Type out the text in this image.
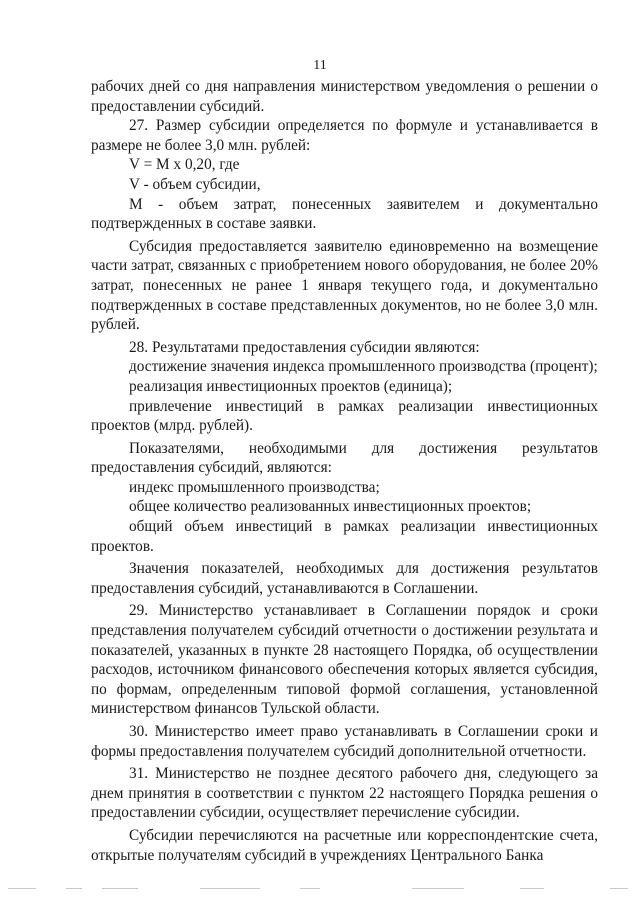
11

рабочих дней со дня направления министерством уведомления о решении о предоставлении субсидий.

27. Размер субсидии определяется по формуле и устанавливается в размере не более 3,0 млн. рублей:

V = M x 0,20, где

V - объем субсидии,

M - объем затрат, понесенных заявителем и документально подтвержденных в составе заявки.

Субсидия предоставляется заявителю единовременно на возмещение части затрат, связанных с приобретением нового оборудования, не более 20% затрат, понесенных не ранее 1 января текущего года, и документально подтвержденных в составе представленных документов, но не более 3,0 млн. рублей.

28. Результатами предоставления субсидии являются:

достижение значения индекса промышленного производства (процент);

реализация инвестиционных проектов (единица);

привлечение инвестиций в рамках реализации инвестиционных проектов (млрд. рублей).

Показателями, необходимыми для достижения результатов предоставления субсидий, являются:

индекс промышленного производства;

общее количество реализованных инвестиционных проектов;

общий объем инвестиций в рамках реализации инвестиционных проектов.

Значения показателей, необходимых для достижения результатов предоставления субсидий, устанавливаются в Соглашении.

29. Министерство устанавливает в Соглашении порядок и сроки представления получателем субсидий отчетности о достижении результата и показателей, указанных в пункте 28 настоящего Порядка, об осуществлении расходов, источником финансового обеспечения которых является субсидия, по формам, определенным типовой формой соглашения, установленной министерством финансов Тульской области.

30. Министерство имеет право устанавливать в Соглашении сроки и формы предоставления получателем субсидий дополнительной отчетности.

31. Министерство не позднее десятого рабочего дня, следующего за днем принятия в соответствии с пунктом 22 настоящего Порядка решения о предоставлении субсидии, осуществляет перечисление субсидии.

Субсидии перечисляются на расчетные или корреспондентские счета, открытые получателям субсидий в учреждениях Центрального Банка
